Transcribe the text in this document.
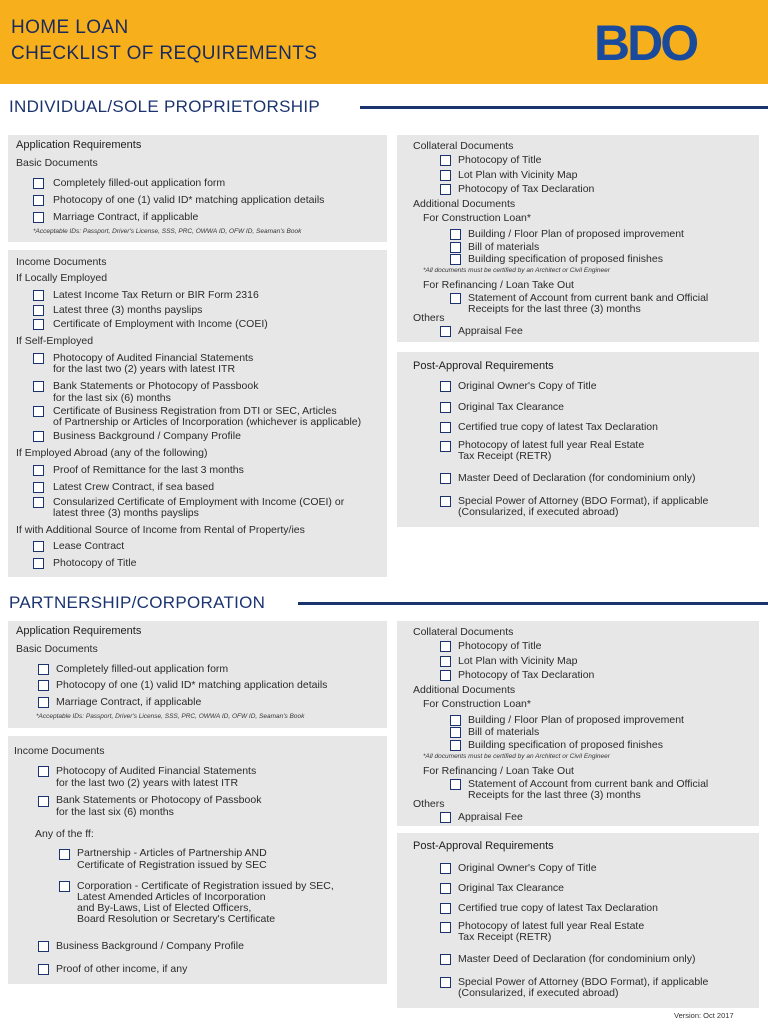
HOME LOAN
CHECKLIST OF REQUIREMENTS	BDO
INDIVIDUAL/SOLE PROPRIETORSHIP
Application Requirements
Basic Documents
Completely filled-out application form
Photocopy of one (1) valid ID* matching application details
Marriage Contract, if applicable
*Acceptable IDs: Passport, Driver's License, SSS, PRC, OWWA ID, OFW ID, Seaman's Book
Income Documents
If Locally Employed
Latest Income Tax Return or BIR Form 2316
Latest three (3) months payslips
Certificate of Employment with Income (COEI)
If Self-Employed
Photocopy of Audited Financial Statements
for the last two (2) years with latest ITR
Bank Statements or Photocopy of Passbook
for the last six (6) months
Certificate of Business Registration from DTI or SEC, Articles
of Partnership or Articles of Incorporation (whichever is applicable)
Business Background / Company Profile
If Employed Abroad (any of the following)
Proof of Remittance for the last 3 months
Latest Crew Contract, if sea based
Consularized Certificate of Employment with Income (COEI) or
latest three (3) months payslips
If with Additional Source of Income from Rental of Property/ies
Lease Contract
Photocopy of Title
Collateral Documents
Photocopy of Title
Lot Plan with Vicinity Map
Photocopy of Tax Declaration
Additional Documents
For Construction Loan*
Building / Floor Plan of proposed improvement
Bill of materials
Building specification of proposed finishes
*All documents must be certified by an Architect or Civil Engineer
For Refinancing / Loan Take Out
Statement of Account from current bank and Official
Receipts for the last three (3) months
Others
Appraisal Fee
Post-Approval Requirements
Original Owner's Copy of Title
Original Tax Clearance
Certified true copy of latest Tax Declaration
Photocopy of latest full year Real Estate
Tax Receipt (RETR)
Master Deed of Declaration (for condominium only)
Special Power of Attorney (BDO Format), if applicable
(Consularized, if executed abroad)
PARTNERSHIP/CORPORATION
Application Requirements
Basic Documents
Completely filled-out application form
Photocopy of one (1) valid ID* matching application details
Marriage Contract, if applicable
*Acceptable IDs: Passport, Driver's License, SSS, PRC, OWWA ID, OFW ID, Seaman's Book
Income Documents
Photocopy of Audited Financial Statements
for the last two (2) years with latest ITR
Bank Statements or Photocopy of Passbook
for the last six (6) months
Any of the ff:
Partnership - Articles of Partnership AND
Certificate of Registration issued by SEC
Corporation - Certificate of Registration issued by SEC,
Latest Amended Articles of Incorporation
and By-Laws, List of Elected Officers,
Board Resolution or Secretary's Certificate
Business Background / Company Profile
Proof of other income, if any
Collateral Documents
Photocopy of Title
Lot Plan with Vicinity Map
Photocopy of Tax Declaration
Additional Documents
For Construction Loan*
Building / Floor Plan of proposed improvement
Bill of materials
Building specification of proposed finishes
*All documents must be certified by an Architect or Civil Engineer
For Refinancing / Loan Take Out
Statement of Account from current bank and Official
Receipts for the last three (3) months
Others
Appraisal Fee
Post-Approval Requirements
Original Owner's Copy of Title
Original Tax Clearance
Certified true copy of latest Tax Declaration
Photocopy of latest full year Real Estate
Tax Receipt (RETR)
Master Deed of Declaration (for condominium only)
Special Power of Attorney (BDO Format), if applicable
(Consularized, if executed abroad)
Version: Oct 2017
